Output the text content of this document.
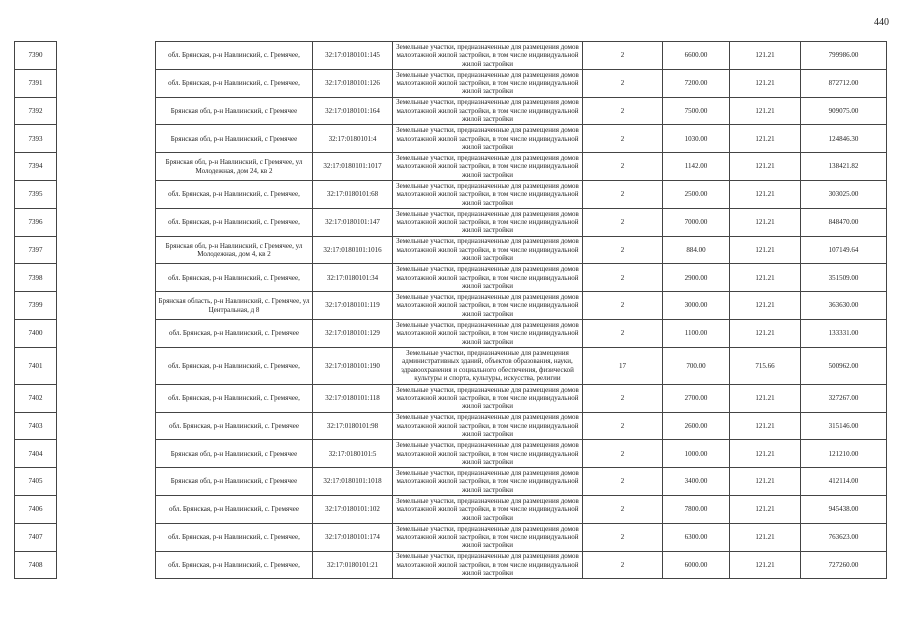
440
7390		обл. Брянская, р-н Навлинский, с. Гремячее,	32:17:0180101:145	Земельные участки, предназначенные для размещения домов малоэтажной жилой застройки, в том числе индивидуальной жилой застройки	2	6600.00	121.21	799986.00
7391		обл. Брянская, р-н Навлинский, с. Гремячее,	32:17:0180101:126	Земельные участки, предназначенные для размещения домов малоэтажной жилой застройки, в том числе индивидуальной жилой застройки	2	7200.00	121.21	872712.00
7392		Брянская обл, р-н Навлинский, с Гремячее	32:17:0180101:164	Земельные участки, предназначенные для размещения домов малоэтажной жилой застройки, в том числе индивидуальной жилой застройки	2	7500.00	121.21	909075.00
7393		Брянская обл, р-н Навлинский, с Гремячее	32:17:0180101:4	Земельные участки, предназначенные для размещения домов малоэтажной жилой застройки, в том числе индивидуальной жилой застройки	2	1030.00	121.21	124846.30
7394		Брянская обл, р-н Навлинский, с Гремячее, ул Молодежная, дом 24, кв 2	32:17:0180101:1017	Земельные участки, предназначенные для размещения домов малоэтажной жилой застройки, в том числе индивидуальной жилой застройки	2	1142.00	121.21	138421.82
7395		обл. Брянская, р-н Навлинский, с. Гремячее,	32:17:0180101:68	Земельные участки, предназначенные для размещения домов малоэтажной жилой застройки, в том числе индивидуальной жилой застройки	2	2500.00	121.21	303025.00
7396		обл. Брянская, р-н Навлинский, с. Гремячее,	32:17:0180101:147	Земельные участки, предназначенные для размещения домов малоэтажной жилой застройки, в том числе индивидуальной жилой застройки	2	7000.00	121.21	848470.00
7397		Брянская обл, р-н Навлинский, с Гремячее, ул Молодежная, дом 4, кв 2	32:17:0180101:1016	Земельные участки, предназначенные для размещения домов малоэтажной жилой застройки, в том числе индивидуальной жилой застройки	2	884.00	121.21	107149.64
7398		обл. Брянская, р-н Навлинский, с. Гремячее,	32:17:0180101:34	Земельные участки, предназначенные для размещения домов малоэтажной жилой застройки, в том числе индивидуальной жилой застройки	2	2900.00	121.21	351509.00
7399		Брянская область, р-н Навлинский, с. Гремячее, ул Центральная, д 8	32:17:0180101:119	Земельные участки, предназначенные для размещения домов малоэтажной жилой застройки, в том числе индивидуальной жилой застройки	2	3000.00	121.21	363630.00
7400		обл. Брянская, р-н Навлинский, с. Гремячее	32:17:0180101:129	Земельные участки, предназначенные для размещения домов малоэтажной жилой застройки, в том числе индивидуальной жилой застройки	2	1100.00	121.21	133331.00
7401		обл. Брянская, р-н Навлинский, с. Гремячее,	32:17:0180101:190	Земельные участки, предназначенные для размещения административных зданий, объектов образования, науки, здравоохранения и социального обеспечения, физической культуры и спорта, культуры, искусства, религии	17	700.00	715.66	500962.00
7402		обл. Брянская, р-н Навлинский, с. Гремячее,	32:17:0180101:118	Земельные участки, предназначенные для размещения домов малоэтажной жилой застройки, в том числе индивидуальной жилой застройки	2	2700.00	121.21	327267.00
7403		обл. Брянская, р-н Навлинский, с. Гремячее	32:17:0180101:98	Земельные участки, предназначенные для размещения домов малоэтажной жилой застройки, в том числе индивидуальной жилой застройки	2	2600.00	121.21	315146.00
7404		Брянская обл, р-н Навлинский, с Гремячее	32:17:0180101:5	Земельные участки, предназначенные для размещения домов малоэтажной жилой застройки, в том числе индивидуальной жилой застройки	2	1000.00	121.21	121210.00
7405		Брянская обл, р-н Навлинский, с Гремячее	32:17:0180101:1018	Земельные участки, предназначенные для размещения домов малоэтажной жилой застройки, в том числе индивидуальной жилой застройки	2	3400.00	121.21	412114.00
7406		обл. Брянская, р-н Навлинский, с. Гремячее	32:17:0180101:102	Земельные участки, предназначенные для размещения домов малоэтажной жилой застройки, в том числе индивидуальной жилой застройки	2	7800.00	121.21	945438.00
7407		обл. Брянская, р-н Навлинский, с. Гремячее,	32:17:0180101:174	Земельные участки, предназначенные для размещения домов малоэтажной жилой застройки, в том числе индивидуальной жилой застройки	2	6300.00	121.21	763623.00
7408		обл. Брянская, р-н Навлинский, с. Гремячее,	32:17:0180101:21	Земельные участки, предназначенные для размещения домов малоэтажной жилой застройки, в том числе индивидуальной жилой застройки	2	6000.00	121.21	727260.00
